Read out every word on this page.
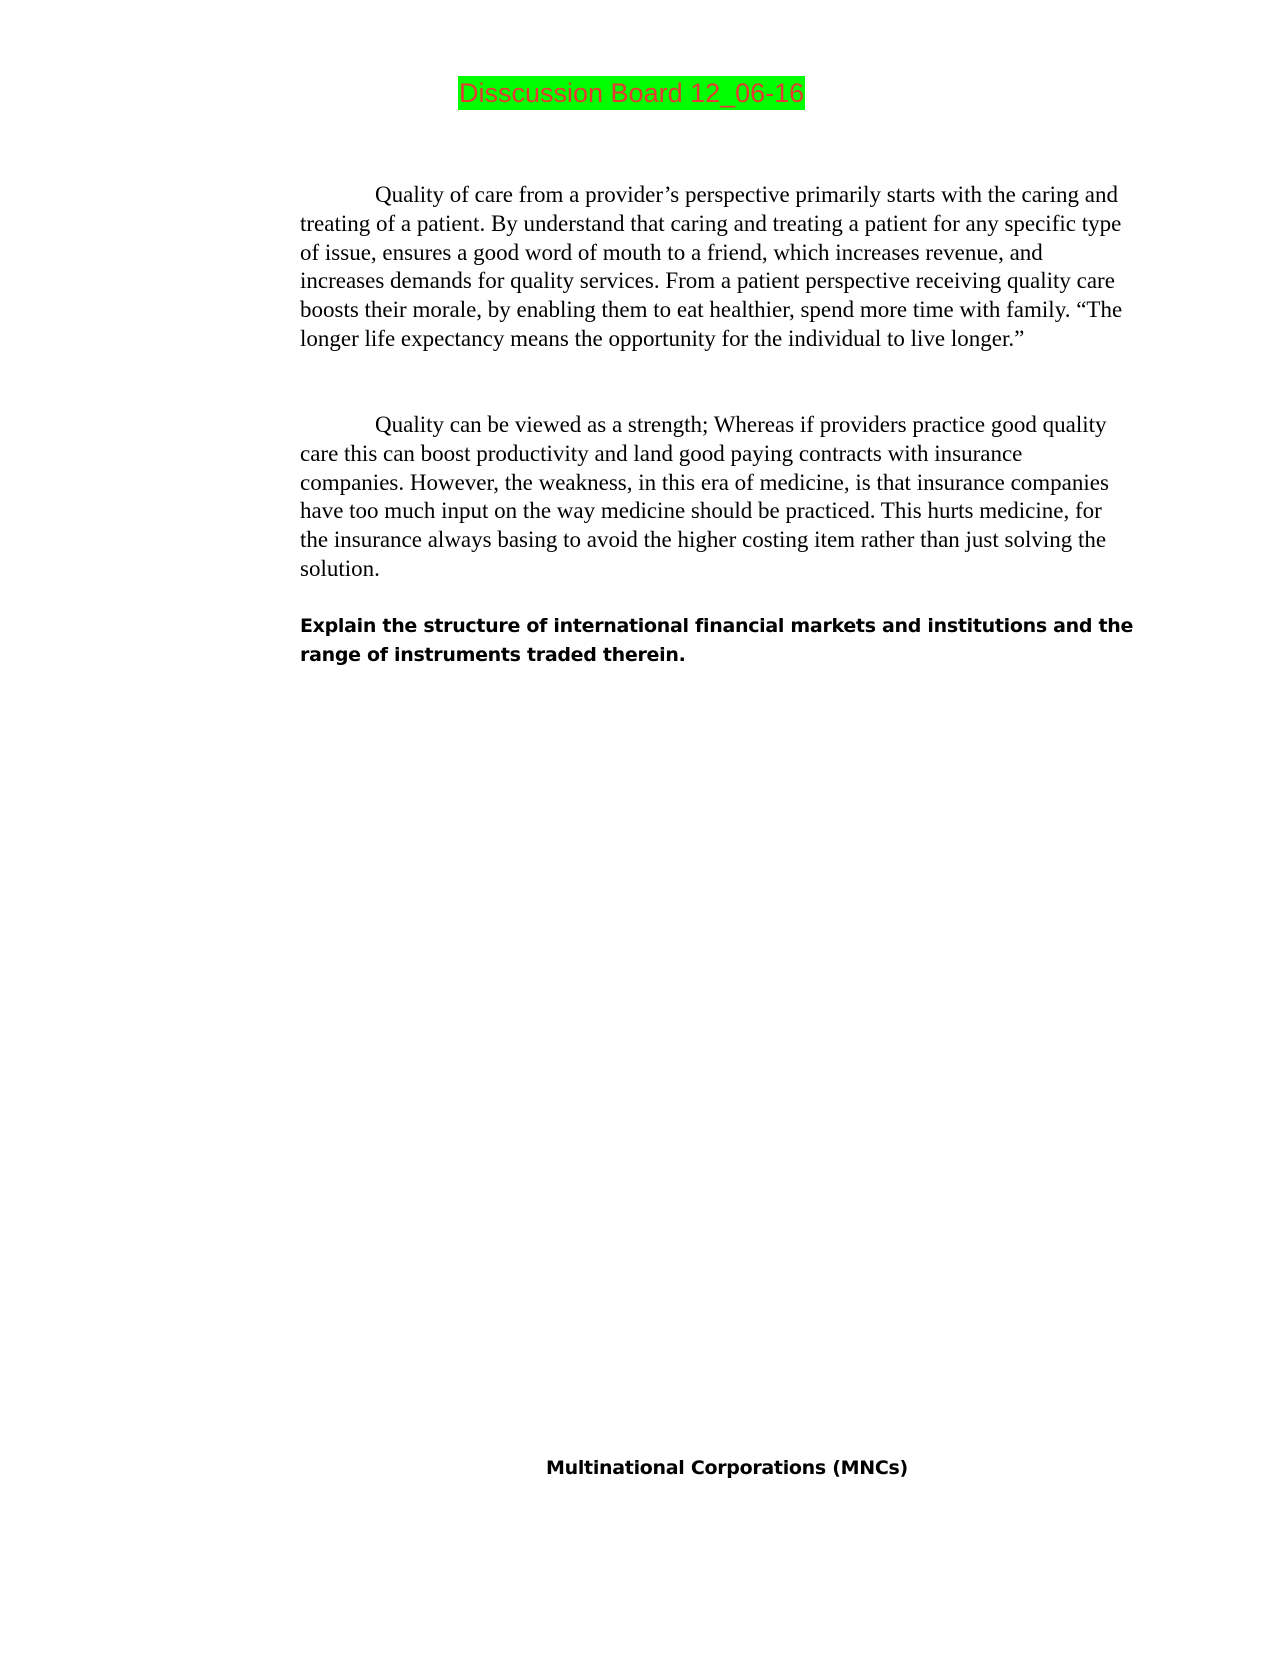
Disscussion Board 12_06-16

Quality of care from a provider’s perspective primarily starts with the caring and treating of a patient. By understand that caring and treating a patient for any specific type of issue, ensures a good word of mouth to a friend, which increases revenue, and increases demands for quality services. From a patient perspective receiving quality care boosts their morale, by enabling them to eat healthier, spend more time with family. “The longer life expectancy means the opportunity for the individual to live longer.”

Quality can be viewed as a strength; Whereas if providers practice good quality care this can boost productivity and land good paying contracts with insurance companies. However, the weakness, in this era of medicine, is that insurance companies have too much input on the way medicine should be practiced. This hurts medicine, for the insurance always basing to avoid the higher costing item rather than just solving the solution.

Explain the structure of international financial markets and institutions and the range of instruments traded therein.

Multinational Corporations (MNCs)
